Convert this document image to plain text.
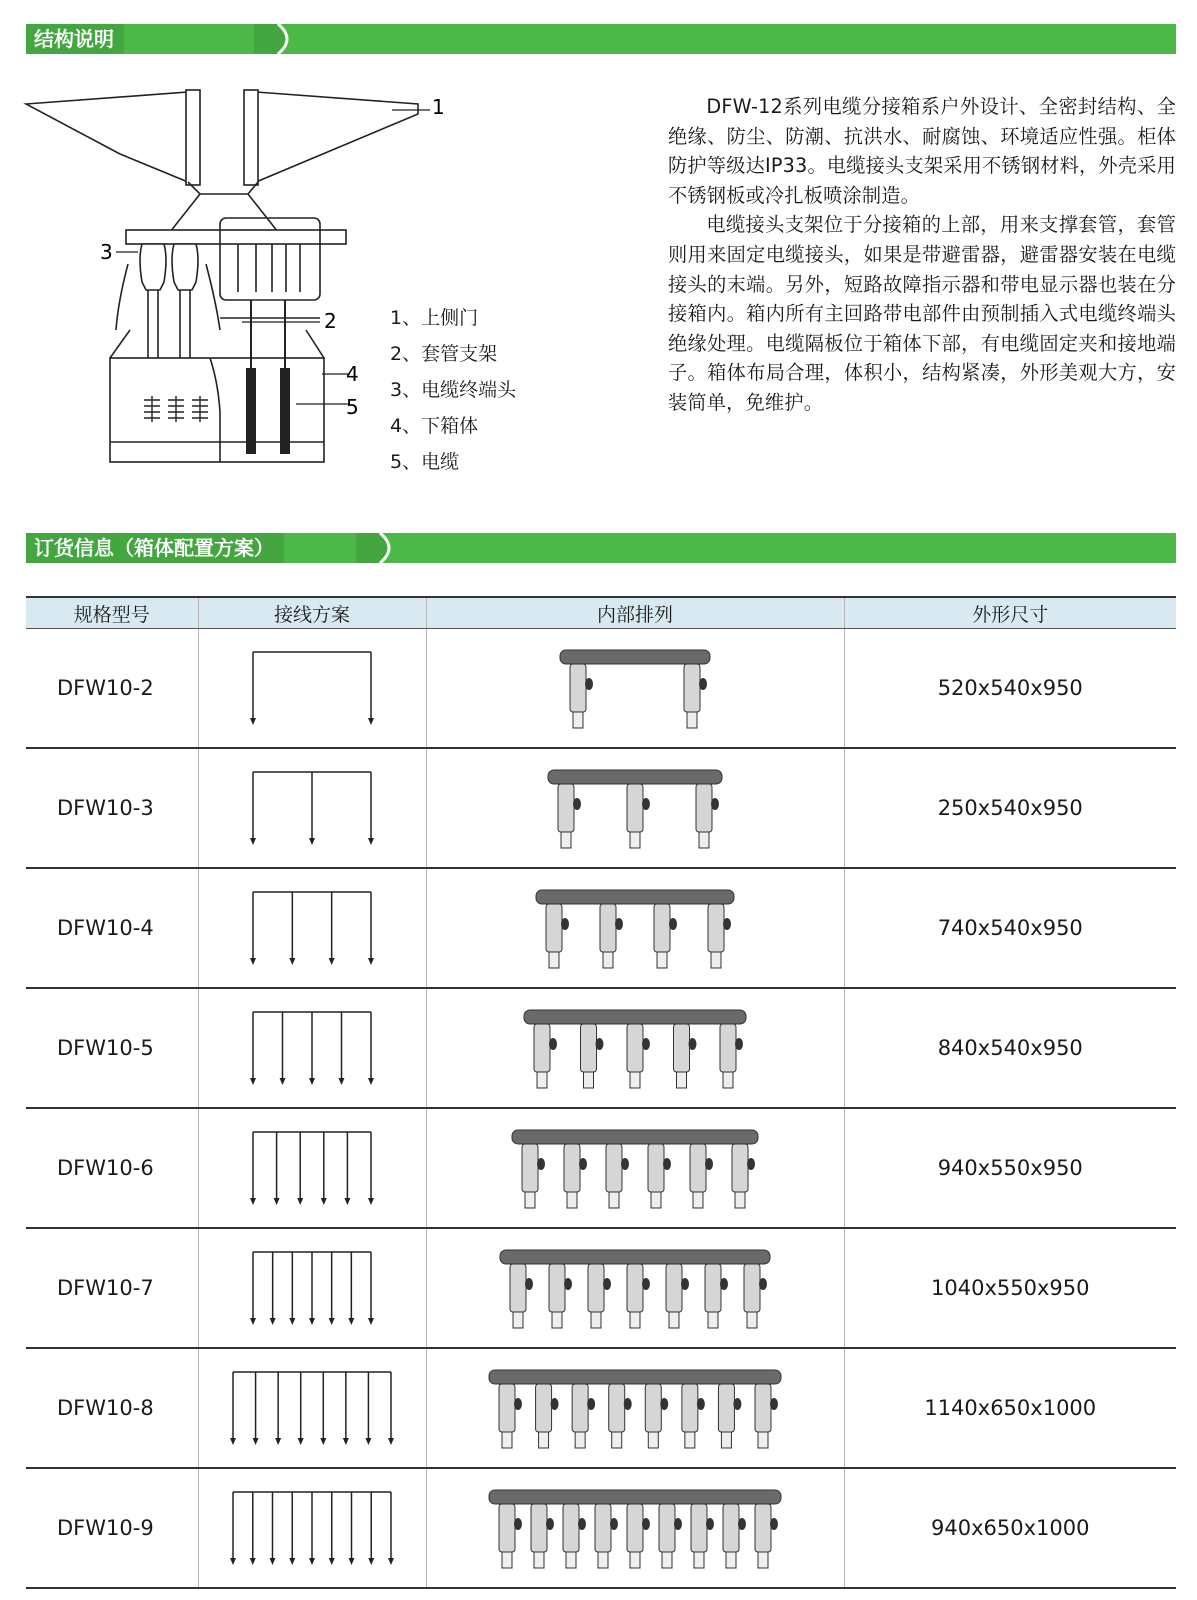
结构说明
1
3
2
4
5
1、上侧门
2、套管支架
3、电缆终端头
4、下箱体
5、电缆

DFW-12系列电缆分接箱系户外设计、全密封结构、全绝缘、防尘、防潮、抗洪水、耐腐蚀、环境适应性强。柜体防护等级达IP33。电缆接头支架采用不锈钢材料，外壳采用不锈钢板或冷扎板喷涂制造。

电缆接头支架位于分接箱的上部，用来支撑套管，套管则用来固定电缆接头，如果是带避雷器，避雷器安装在电缆接头的末端。另外，短路故障指示器和带电显示器也装在分接箱内。箱内所有主回路带电部件由预制插入式电缆终端头绝缘处理。电缆隔板位于箱体下部，有电缆固定夹和接地端子。箱体布局合理，体积小，结构紧凑，外形美观大方，安装简单，免维护。

订货信息（箱体配置方案）
规格型号	接线方案	内部排列	外形尺寸
DFW10-2			520x540x950
DFW10-3			250x540x950
DFW10-4			740x540x950
DFW10-5			840x540x950
DFW10-6			940x550x950
DFW10-7			1040x550x950
DFW10-8			1140x650x1000
DFW10-9			940x650x1000
